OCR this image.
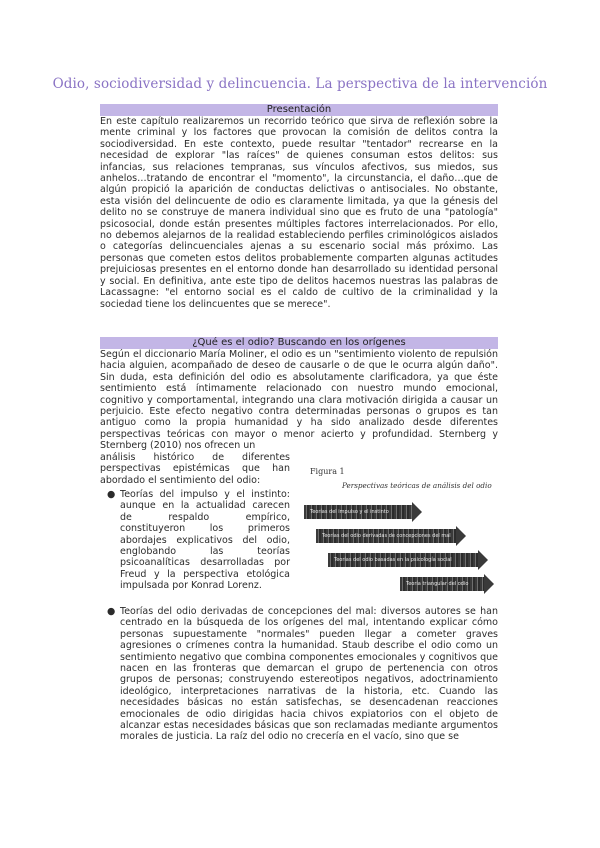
Odio, sociodiversidad y delincuencia. La perspectiva de la intervención
Presentación

En este capítulo realizaremos un recorrido teórico que sirva de reflexión sobre la mente criminal y los factores que provocan la comisión de delitos contra la sociodiversidad. En este contexto, puede resultar "tentador" recrearse en la necesidad de explorar "las raíces" de quienes consuman estos delitos: sus infancias, sus relaciones tempranas, sus vínculos afectivos, sus miedos, sus anhelos…tratando de encontrar el "momento", la circunstancia, el daño…que de algún propició la aparición de conductas delictivas o antisociales. No obstante, esta visión del delincuente de odio es claramente limitada, ya que la génesis del delito no se construye de manera individual sino que es fruto de una "patología" psicosocial, donde están presentes múltiples factores interrelacionados. Por ello, no debemos alejarnos de la realidad estableciendo perfiles criminológicos aislados o categorías delincuenciales ajenas a su escenario social más próximo. Las personas que cometen estos delitos probablemente comparten algunas actitudes prejuiciosas presentes en el entorno donde han desarrollado su identidad personal y social. En definitiva, ante este tipo de delitos hacemos nuestras las palabras de Lacassagne: "el entorno social es el caldo de cultivo de la criminalidad y la sociedad tiene los delincuentes que se merece".

¿Qué es el odio? Buscando en los orígenes

Según el diccionario María Moliner, el odio es un "sentimiento violento de repulsión hacia alguien, acompañado de deseo de causarle o de que le ocurra algún daño". Sin duda, esta definición del odio es absolutamente clarificadora, ya que éste sentimiento está íntimamente relacionado con nuestro mundo emocional, cognitivo y comportamental, integrando una clara motivación dirigida a causar un perjuicio. Este efecto negativo contra determinadas personas o grupos es tan antiguo como la propia humanidad y ha sido analizado desde diferentes perspectivas teóricas con mayor o menor acierto y profundidad. Sternberg y Sternberg (2010) nos ofrecen un

análisis histórico de diferentes perspectivas epistémicas que han abordado el sentimiento del odio:

● Teorías del impulso y el instinto: aunque en la actualidad carecen de respaldo empírico, constituyeron los primeros abordajes explicativos del odio, englobando las teorías psicoanalíticas desarrolladas por Freud y la perspectiva etológica impulsada por Konrad Lorenz.
● Teorías del odio derivadas de concepciones del mal: diversos autores se han centrado en la búsqueda de los orígenes del mal, intentando explicar cómo personas supuestamente "normales" pueden llegar a cometer graves agresiones o crímenes contra la humanidad. Staub describe el odio como un sentimiento negativo que combina componentes emocionales y cognitivos que nacen en las fronteras que demarcan el grupo de pertenencia con otros grupos de personas; construyendo estereotipos negativos, adoctrinamiento ideológico, interpretaciones narrativas de la historia, etc. Cuando las necesidades básicas no están satisfechas, se desencadenan reacciones emocionales de odio dirigidas hacia chivos expiatorios con el objeto de alcanzar estas necesidades básicas que son reclamadas mediante argumentos morales de justicia. La raíz del odio no crecería en el vacío, sino que se
Figura 1
Perspectivas teóricas de análisis del odio
Teorías del impulso y el instinto
Teorías del odio derivadas de concepciones del mal
Teorías del odio basadas en la psicología social
Teoría triangular del odio
